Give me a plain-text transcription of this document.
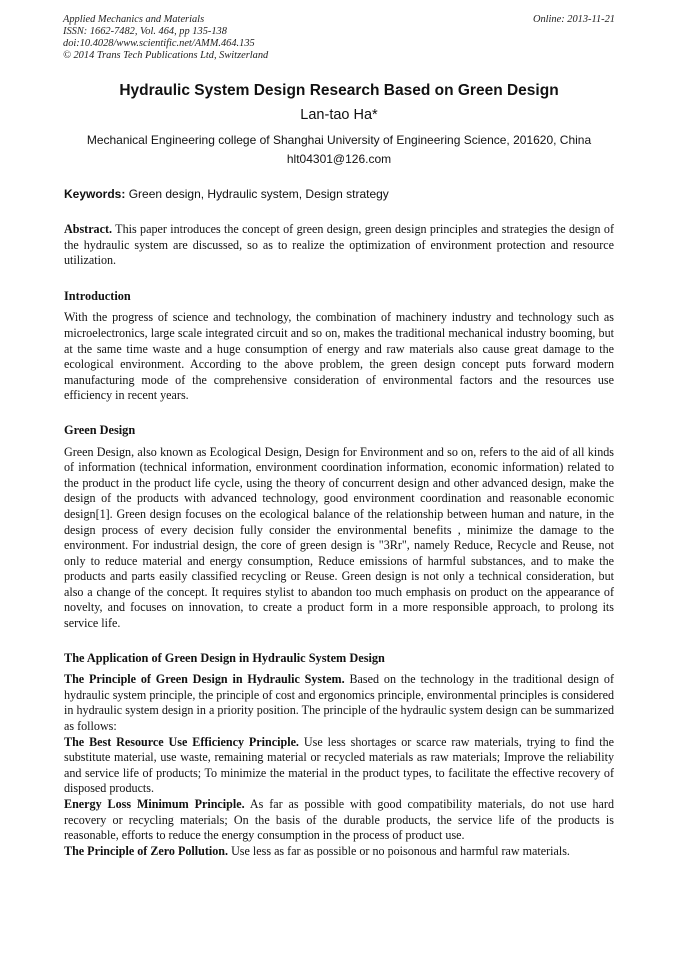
Applied Mechanics and Materials
ISSN: 1662-7482, Vol. 464, pp 135-138
doi:10.4028/www.scientific.net/AMM.464.135
© 2014 Trans Tech Publications Ltd, Switzerland
Online: 2013-11-21
Hydraulic System Design Research Based on Green Design
Lan-tao Ha*
Mechanical Engineering college of Shanghai University of Engineering Science, 201620, China
hlt04301@126.com
Keywords: Green design, Hydraulic system, Design strategy

Abstract. This paper introduces the concept of green design, green design principles and strategies the design of the hydraulic system are discussed, so as to realize the optimization of environment protection and resource utilization.

Introduction

With the progress of science and technology, the combination of machinery industry and technology such as microelectronics, large scale integrated circuit and so on, makes the traditional mechanical industry booming, but at the same time waste and a huge consumption of energy and raw materials also cause great damage to the ecological environment. According to the above problem, the green design concept puts forward modern manufacturing mode of the comprehensive consideration of environmental factors and the resources use efficiency in recent years.

Green Design

Green Design, also known as Ecological Design, Design for Environment and so on, refers to the aid of all kinds of information (technical information, environment coordination information, economic information) related to the product in the product life cycle, using the theory of concurrent design and other advanced design, make the design of the products with advanced technology, good environment coordination and reasonable economic design[1]. Green design focuses on the ecological balance of the relationship between human and nature, in the design process of every decision fully consider the environmental benefits , minimize the damage to the environment. For industrial design, the core of green design is "3Rr", namely Reduce, Recycle and Reuse, not only to reduce material and energy consumption, Reduce emissions of harmful substances, and to make the products and parts easily classified recycling or Reuse. Green design is not only a technical consideration, but also a change of the concept. It requires stylist to abandon too much emphasis on product on the appearance of novelty, and focuses on innovation, to create a product form in a more responsible approach, to prolong its service life.

The Application of Green Design in Hydraulic System Design

The Principle of Green Design in Hydraulic System. Based on the technology in the traditional design of hydraulic system principle, the principle of cost and ergonomics principle, environmental principles is considered in hydraulic system design in a priority position. The principle of the hydraulic system design can be summarized as follows:

The Best Resource Use Efficiency Principle. Use less shortages or scarce raw materials, trying to find the substitute material, use waste, remaining material or recycled materials as raw materials; Improve the reliability and service life of products; To minimize the material in the product types, to facilitate the effective recovery of disposed products.

Energy Loss Minimum Principle. As far as possible with good compatibility materials, do not use hard recovery or recycling materials; On the basis of the durable products, the service life of the products is reasonable, efforts to reduce the energy consumption in the process of product use.

The Principle of Zero Pollution. Use less as far as possible or no poisonous and harmful raw materials.
